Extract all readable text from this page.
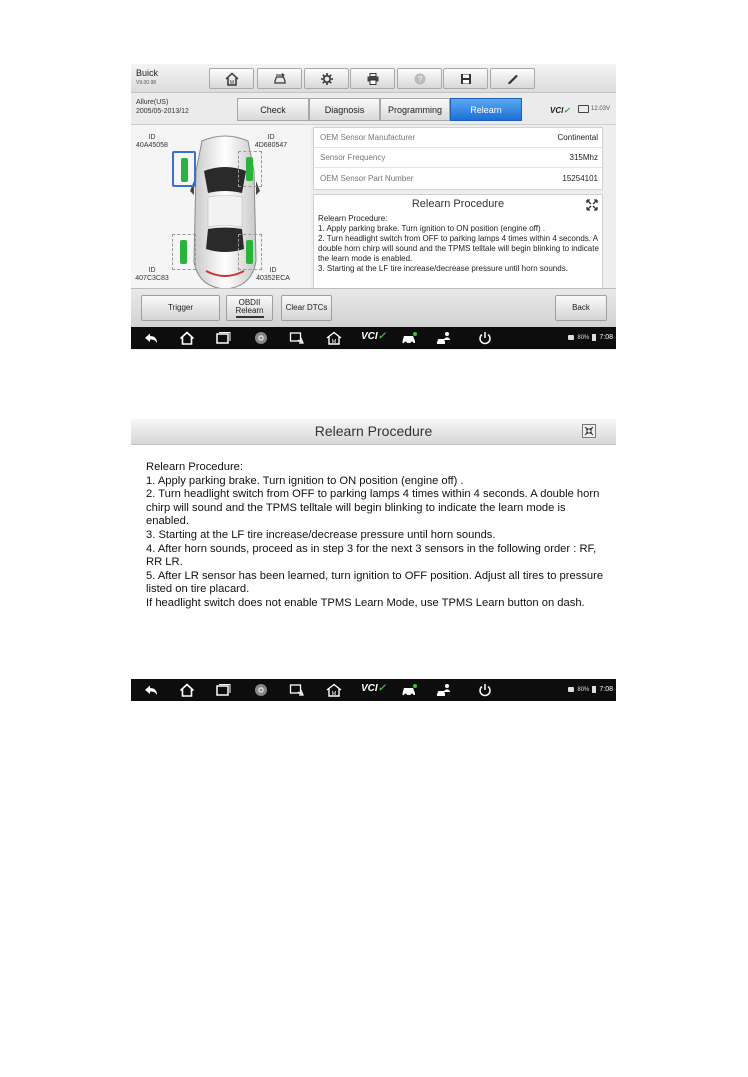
Buick
V9.00.98	M	?
Allure(US)
2005/05-2013/12	Check	Diagnosis	Programming	Relearn	VCI✓	12.03V
ID
40A45058
ID
4D680547
ID
407C3C83
ID
40352ECA
OEM Sensor Manufacturer	Continental
Sensor Frequency	315Mhz
OEM Sensor Part Number	15254101
Relearn Procedure
Relearn Procedure:
1. Apply parking brake. Turn ignition to ON position (engine off) .
2. Turn headlight switch from OFF to parking lamps 4 times within 4 seconds. A double horn chirp will sound and the TPMS telltale will begin blinking to indicate the learn mode is enabled.
3. Starting at the LF tire increase/decrease pressure until horn sounds.
Trigger
OBDII
Relearn	Clear DTCs	Back
M VCI✓	80% 7:08
Relearn Procedure
Relearn Procedure:
1. Apply parking brake. Turn ignition to ON position (engine off) .
2. Turn headlight switch from OFF to parking lamps 4 times within 4 seconds. A double horn chirp will sound and the TPMS telltale will begin blinking to indicate the learn mode is enabled.
3. Starting at the LF tire increase/decrease pressure until horn sounds.
4. After horn sounds, proceed as in step 3 for the next 3 sensors in the following order : RF, RR LR.
5. After LR sensor has been learned, turn ignition to OFF position. Adjust all tires to pressure listed on tire placard.
If headlight switch does not enable TPMS Learn Mode, use TPMS Learn button on dash.
M VCI✓	80% 7:08
